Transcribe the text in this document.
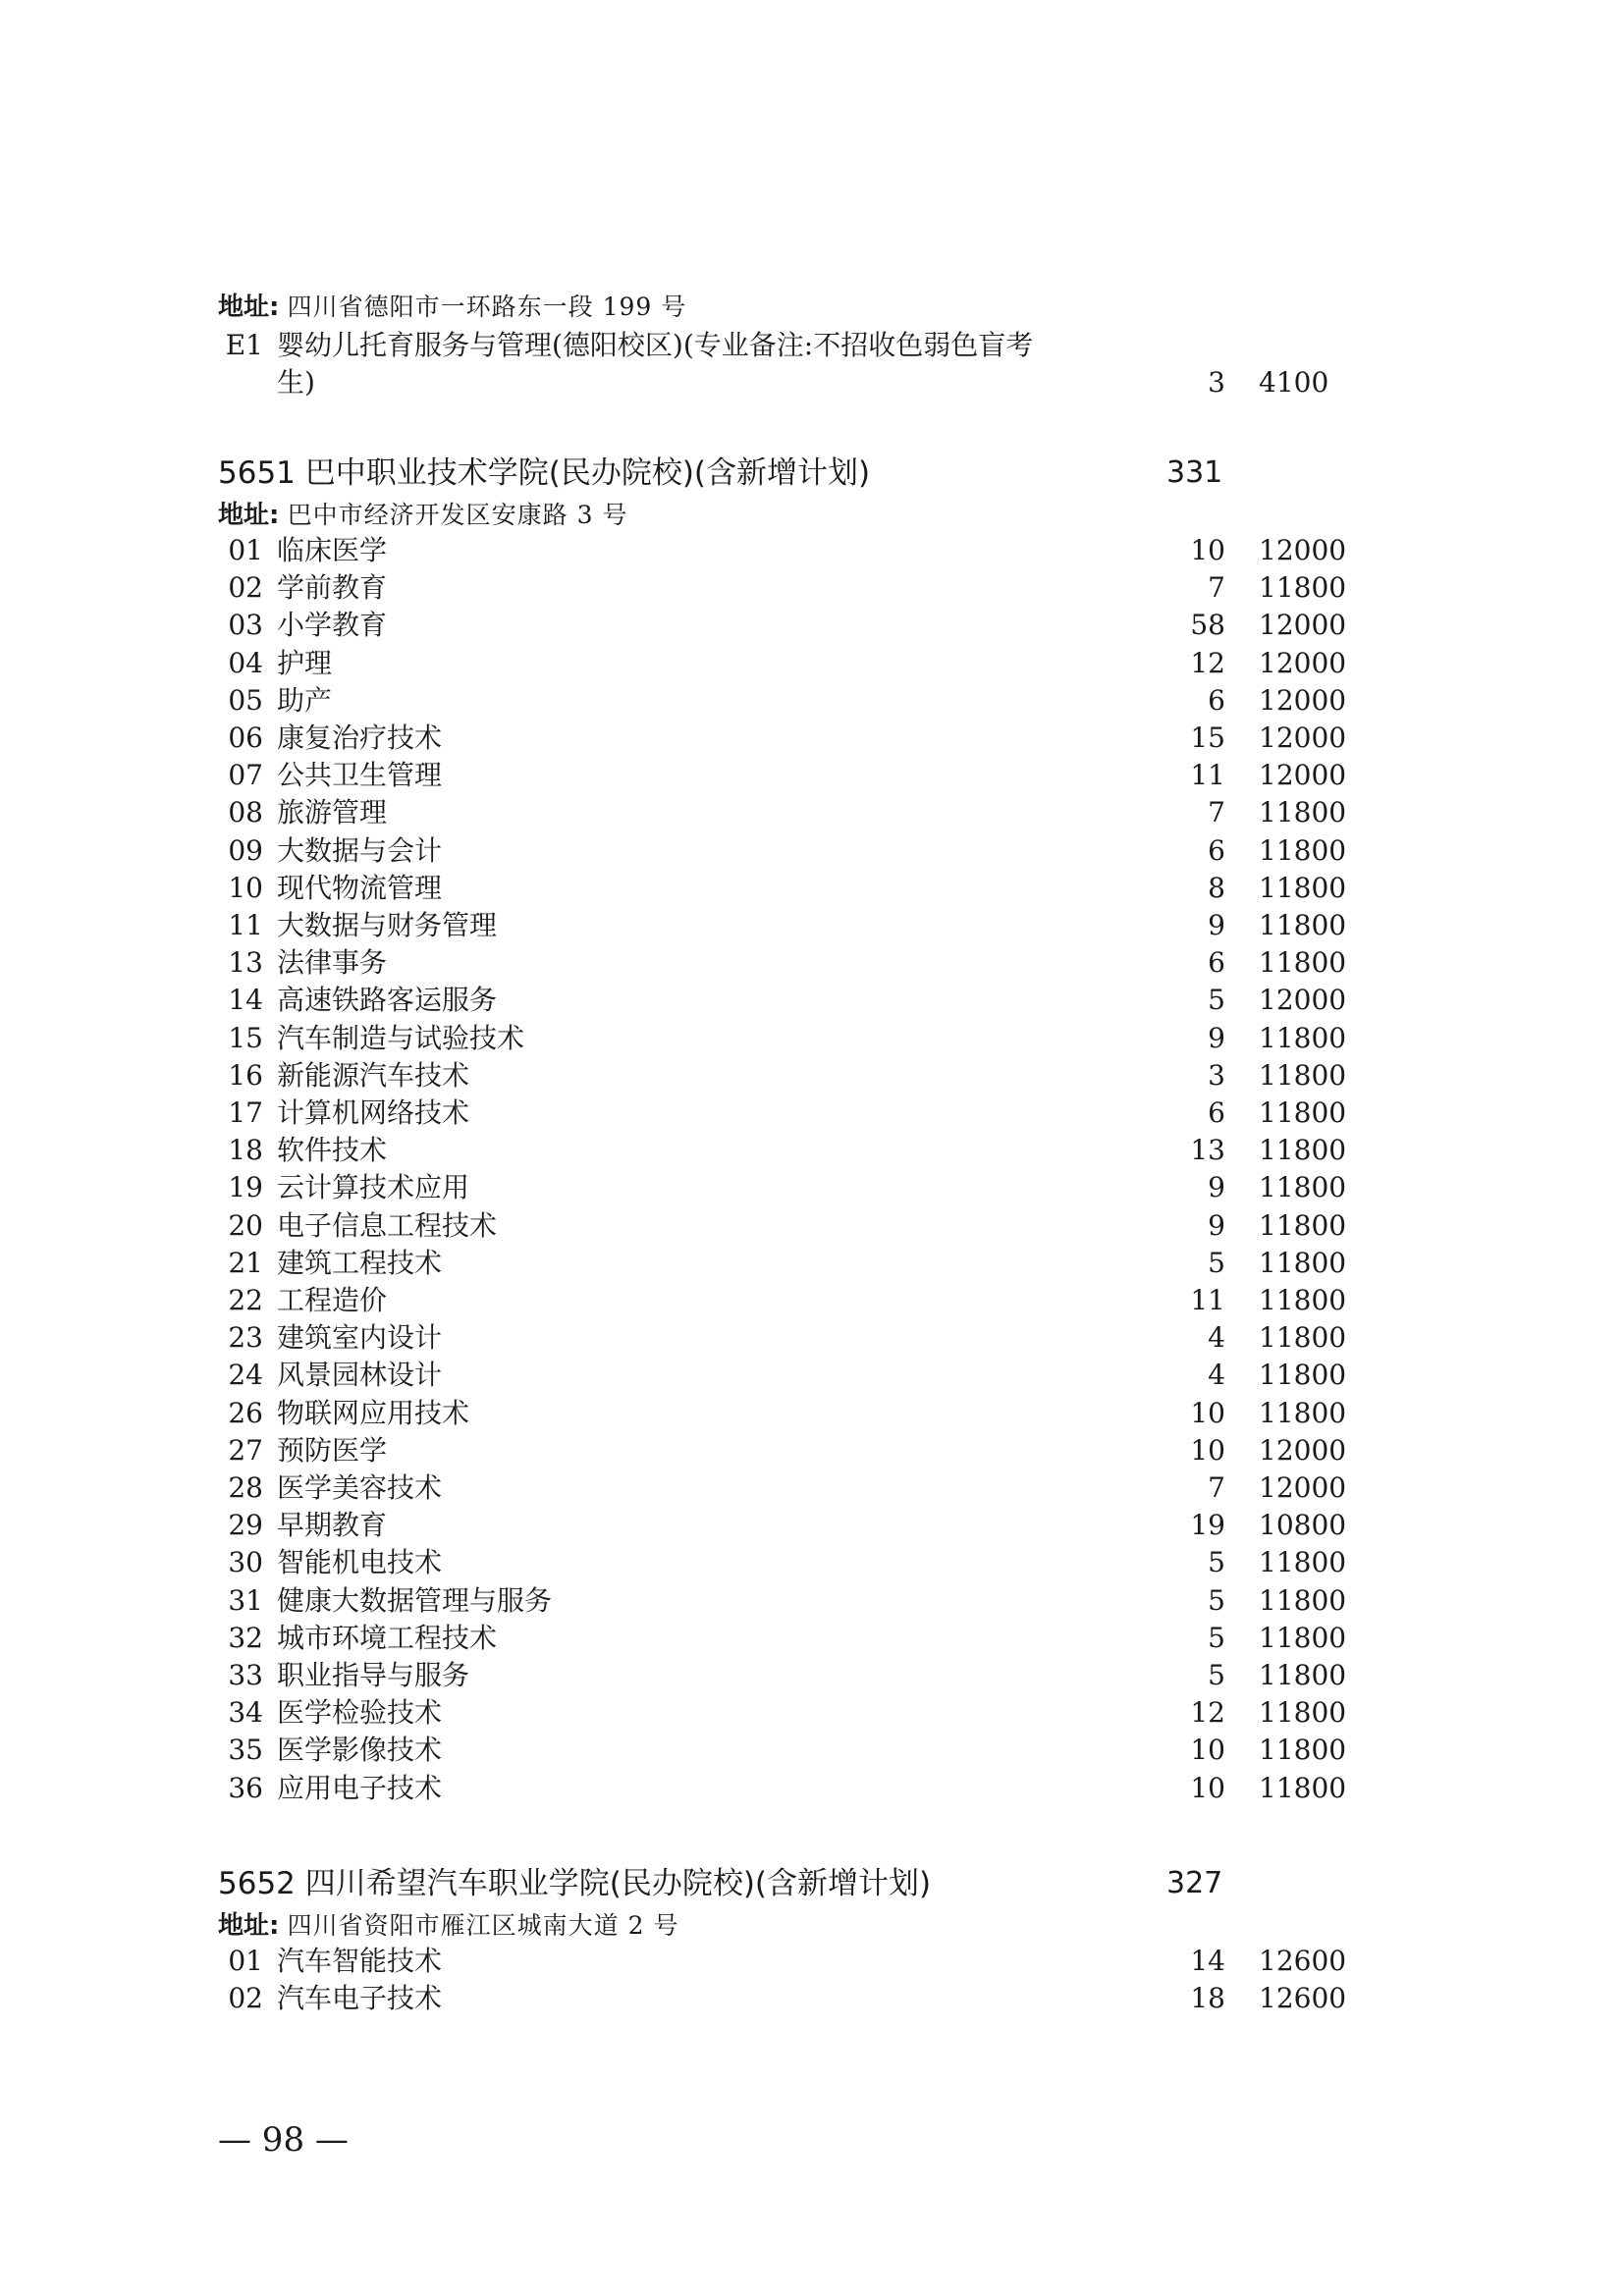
地址: 四川省德阳市一环路东一段 199 号
E1 婴幼儿托育服务与管理(德阳校区)(专业备注:不招收色弱色盲考
生)	3 4100
5651 巴中职业技术学院(民办院校)(含新增计划)	331
地址: 巴中市经济开发区安康路 3 号
01 临床医学	10 12000
02 学前教育	7 11800
03 小学教育	58 12000
04 护理	12 12000
05 助产	6 12000
06 康复治疗技术	15 12000
07 公共卫生管理	11 12000
08 旅游管理	7 11800
09 大数据与会计	6 11800
10 现代物流管理	8 11800
11 大数据与财务管理	9 11800
13 法律事务	6 11800
14 高速铁路客运服务	5 12000
15 汽车制造与试验技术	9 11800
16 新能源汽车技术	3 11800
17 计算机网络技术	6 11800
18 软件技术	13 11800
19 云计算技术应用	9 11800
20 电子信息工程技术	9 11800
21 建筑工程技术	5 11800
22 工程造价	11 11800
23 建筑室内设计	4 11800
24 风景园林设计	4 11800
26 物联网应用技术	10 11800
27 预防医学	10 12000
28 医学美容技术	7 12000
29 早期教育	19 10800
30 智能机电技术	5 11800
31 健康大数据管理与服务	5 11800
32 城市环境工程技术	5 11800
33 职业指导与服务	5 11800
34 医学检验技术	12 11800
35 医学影像技术	10 11800
36 应用电子技术	10 11800
5652 四川希望汽车职业学院(民办院校)(含新增计划)	327
地址: 四川省资阳市雁江区城南大道 2 号
01 汽车智能技术	14 12600
02 汽车电子技术	18 12600
— 98 —
